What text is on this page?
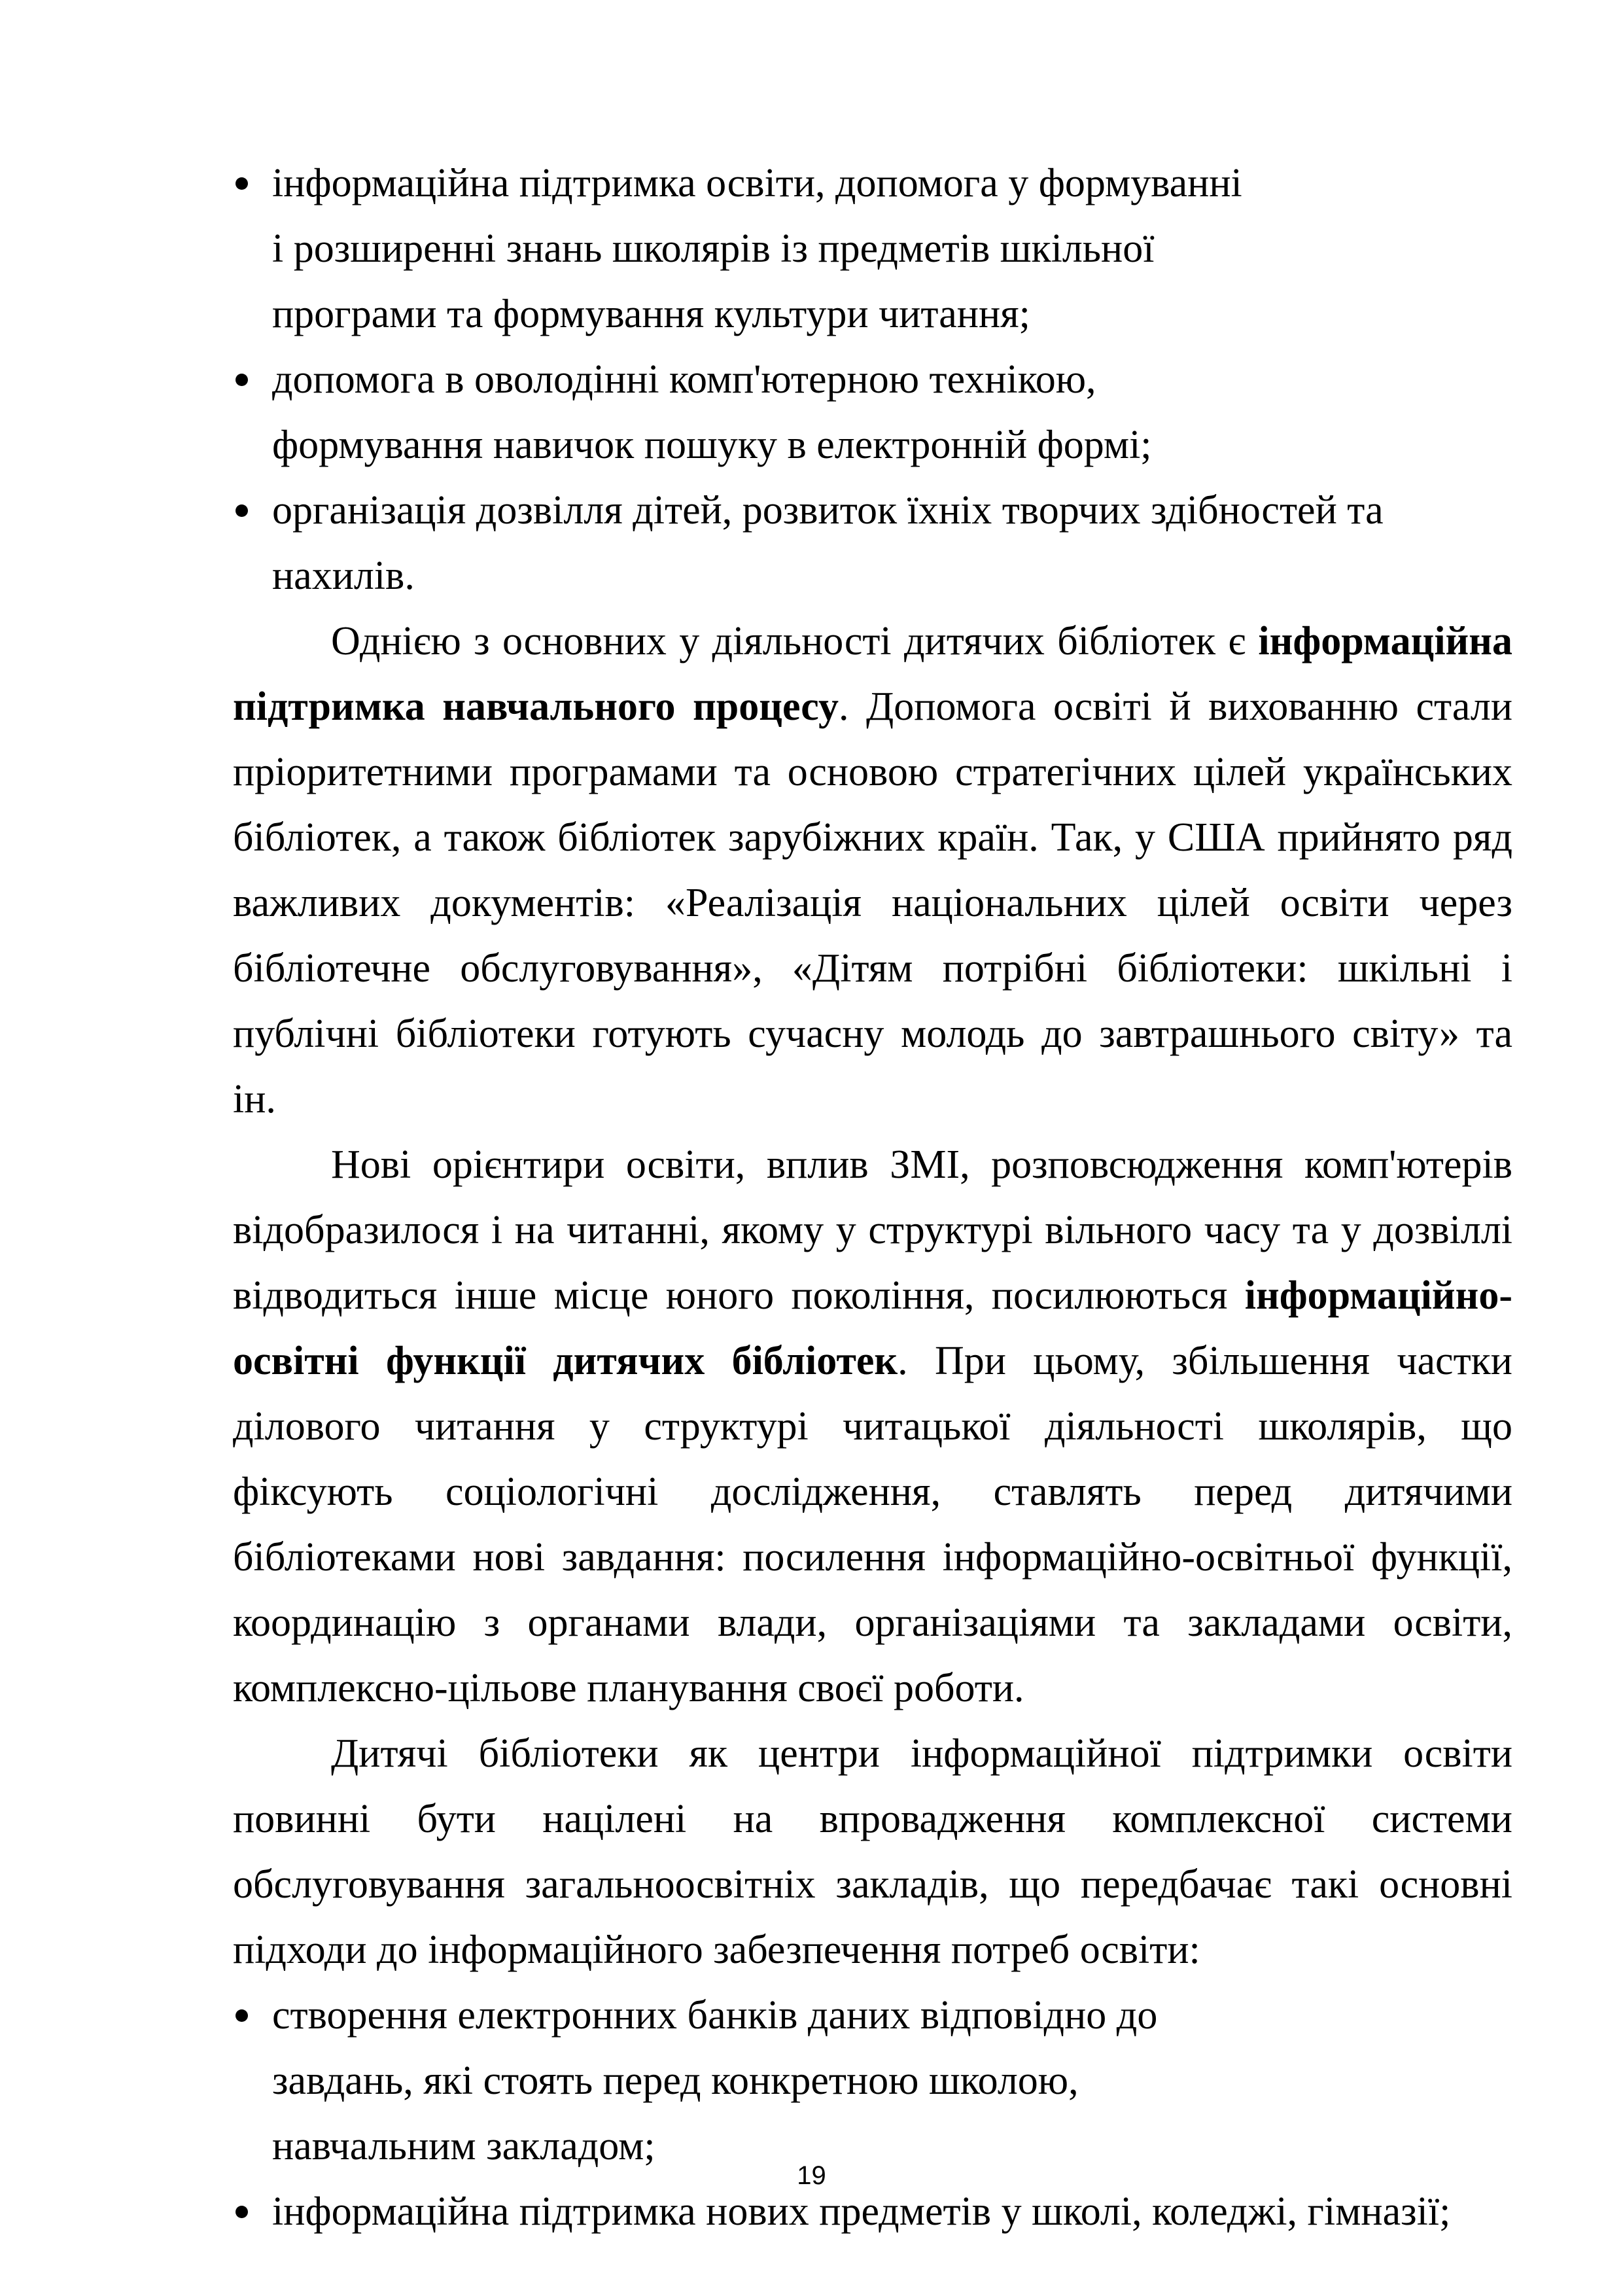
інформаційна підтримка освіти, допомога у формуванні і розширенні знань школярів із предметів шкільної програми та формування культури читання;
допомога в оволодінні комп'ютерною технікою, формування навичок пошуку в електронній формі;
організація дозвілля дітей, розвиток їхніх творчих здібностей та нахилів.

Однією з основних у діяльності дитячих бібліотек є інформаційна підтримка навчального процесу. Допомога освіті й вихованню стали пріоритетними програмами та основою стратегічних цілей українських бібліотек, а також бібліотек зарубіжних країн. Так, у США прийнято ряд важливих документів: «Реалізація національних цілей освіти через бібліотечне обслуговування», «Дітям потрібні бібліотеки: шкільні і публічні бібліотеки готують сучасну молодь до завтрашнього світу» та ін.

Нові орієнтири освіти, вплив ЗМІ, розповсюдження комп'ютерів відобразилося і на читанні, якому у структурі вільного часу та у дозвіллі відводиться інше місце юного покоління, посилюються інформаційно-освітні функції дитячих бібліотек. При цьому, збільшення частки ділового читання у структурі читацької діяльності школярів, що фіксують соціологічні дослідження, ставлять перед дитячими бібліотеками нові завдання: посилення інформаційно-освітньої функції, координацію з органами влади, організаціями та закладами освіти, комплексно-цільове планування своєї роботи.

Дитячі бібліотеки як центри інформаційної підтримки освіти повинні бути націлені на впровадження комплексної системи обслуговування загальноосвітніх закладів, що передбачає такі основні підходи до інформаційного забезпечення потреб освіти:

створення електронних банків даних відповідно до завдань, які стоять перед конкретною школою, навчальним закладом;
інформаційна підтримка нових предметів у школі, коледжі, гімназії;
19
